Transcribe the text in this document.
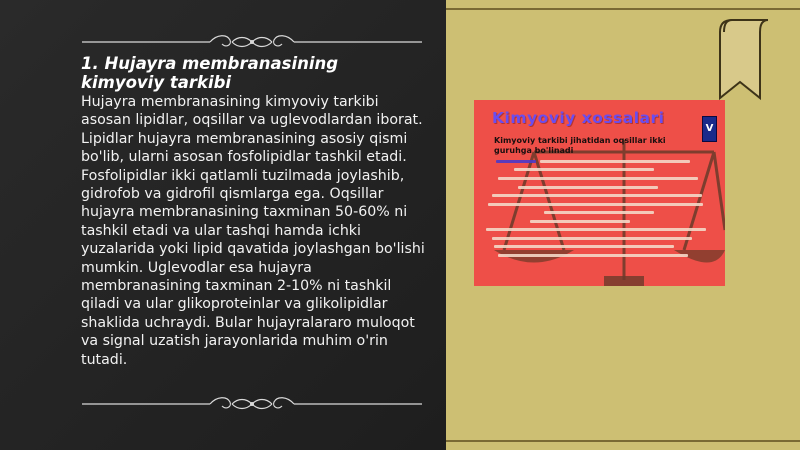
1. Hujayra membranasining kimyoviy tarkibi

Hujayra membranasining kimyoviy tarkibi asosan lipidlar, oqsillar va uglevodlardan iborat. Lipidlar hujayra membranasining asosiy qismi bo'lib, ularni asosan fosfolipidlar tashkil etadi. Fosfolipidlar ikki qatlamli tuzilmada joylashib, gidrofob va gidrofil qismlarga ega. Oqsillar hujayra membranasining taxminan 50-60% ni tashkil etadi va ular tashqi hamda ichki yuzalarida yoki lipid qavatida joylashgan bo'lishi mumkin. Uglevodlar esa hujayra membranasining taxminan 2-10% ni tashkil qiladi va ular glikoproteinlar va glikolipidlar shaklida uchraydi. Bular hujayralararo muloqot va signal uzatish jarayonlarida muhim o'rin tutadi.

Kimyoviy xossalari
V
Kimyoviy tarkibi jihatidan oqsillar ikki guruhga bo'linadi
